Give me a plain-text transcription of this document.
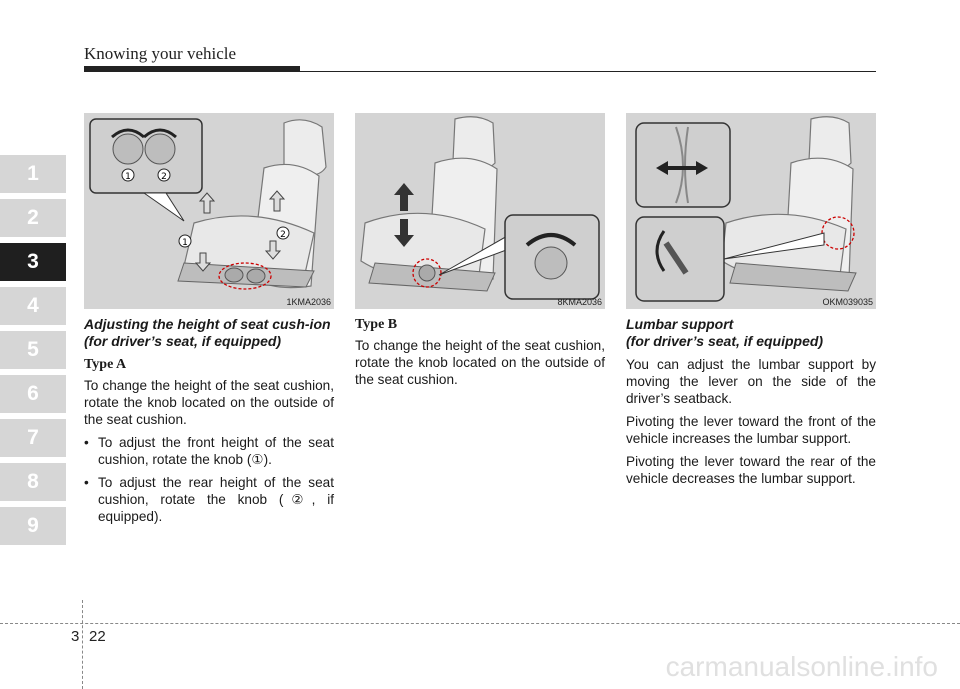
Knowing your vehicle
1
2
3
4
5
6
7
8
9
1	2
1
2
1KMA2036	8KMA2036	OKM039035
Adjusting the height of seat cush-ion (for driver’s seat, if equipped)
Type A

To change the height of the seat cushion, rotate the knob located on the outside of the seat cushion.

• To adjust the front height of the seat cushion, rotate the knob (①).
• To adjust the rear height of the seat cushion, rotate the knob (②, if equipped).
Type B

To change the height of the seat cushion, rotate the knob located on the outside of the seat cushion.

Lumbar support
(for driver’s seat, if equipped)

You can adjust the lumbar support by moving the lever on the side of the driver’s seatback.

Pivoting the lever toward the front of the vehicle increases the lumbar support.

Pivoting the lever toward the rear of the vehicle decreases the lumbar support.

3 22
carmanualsonline.info
